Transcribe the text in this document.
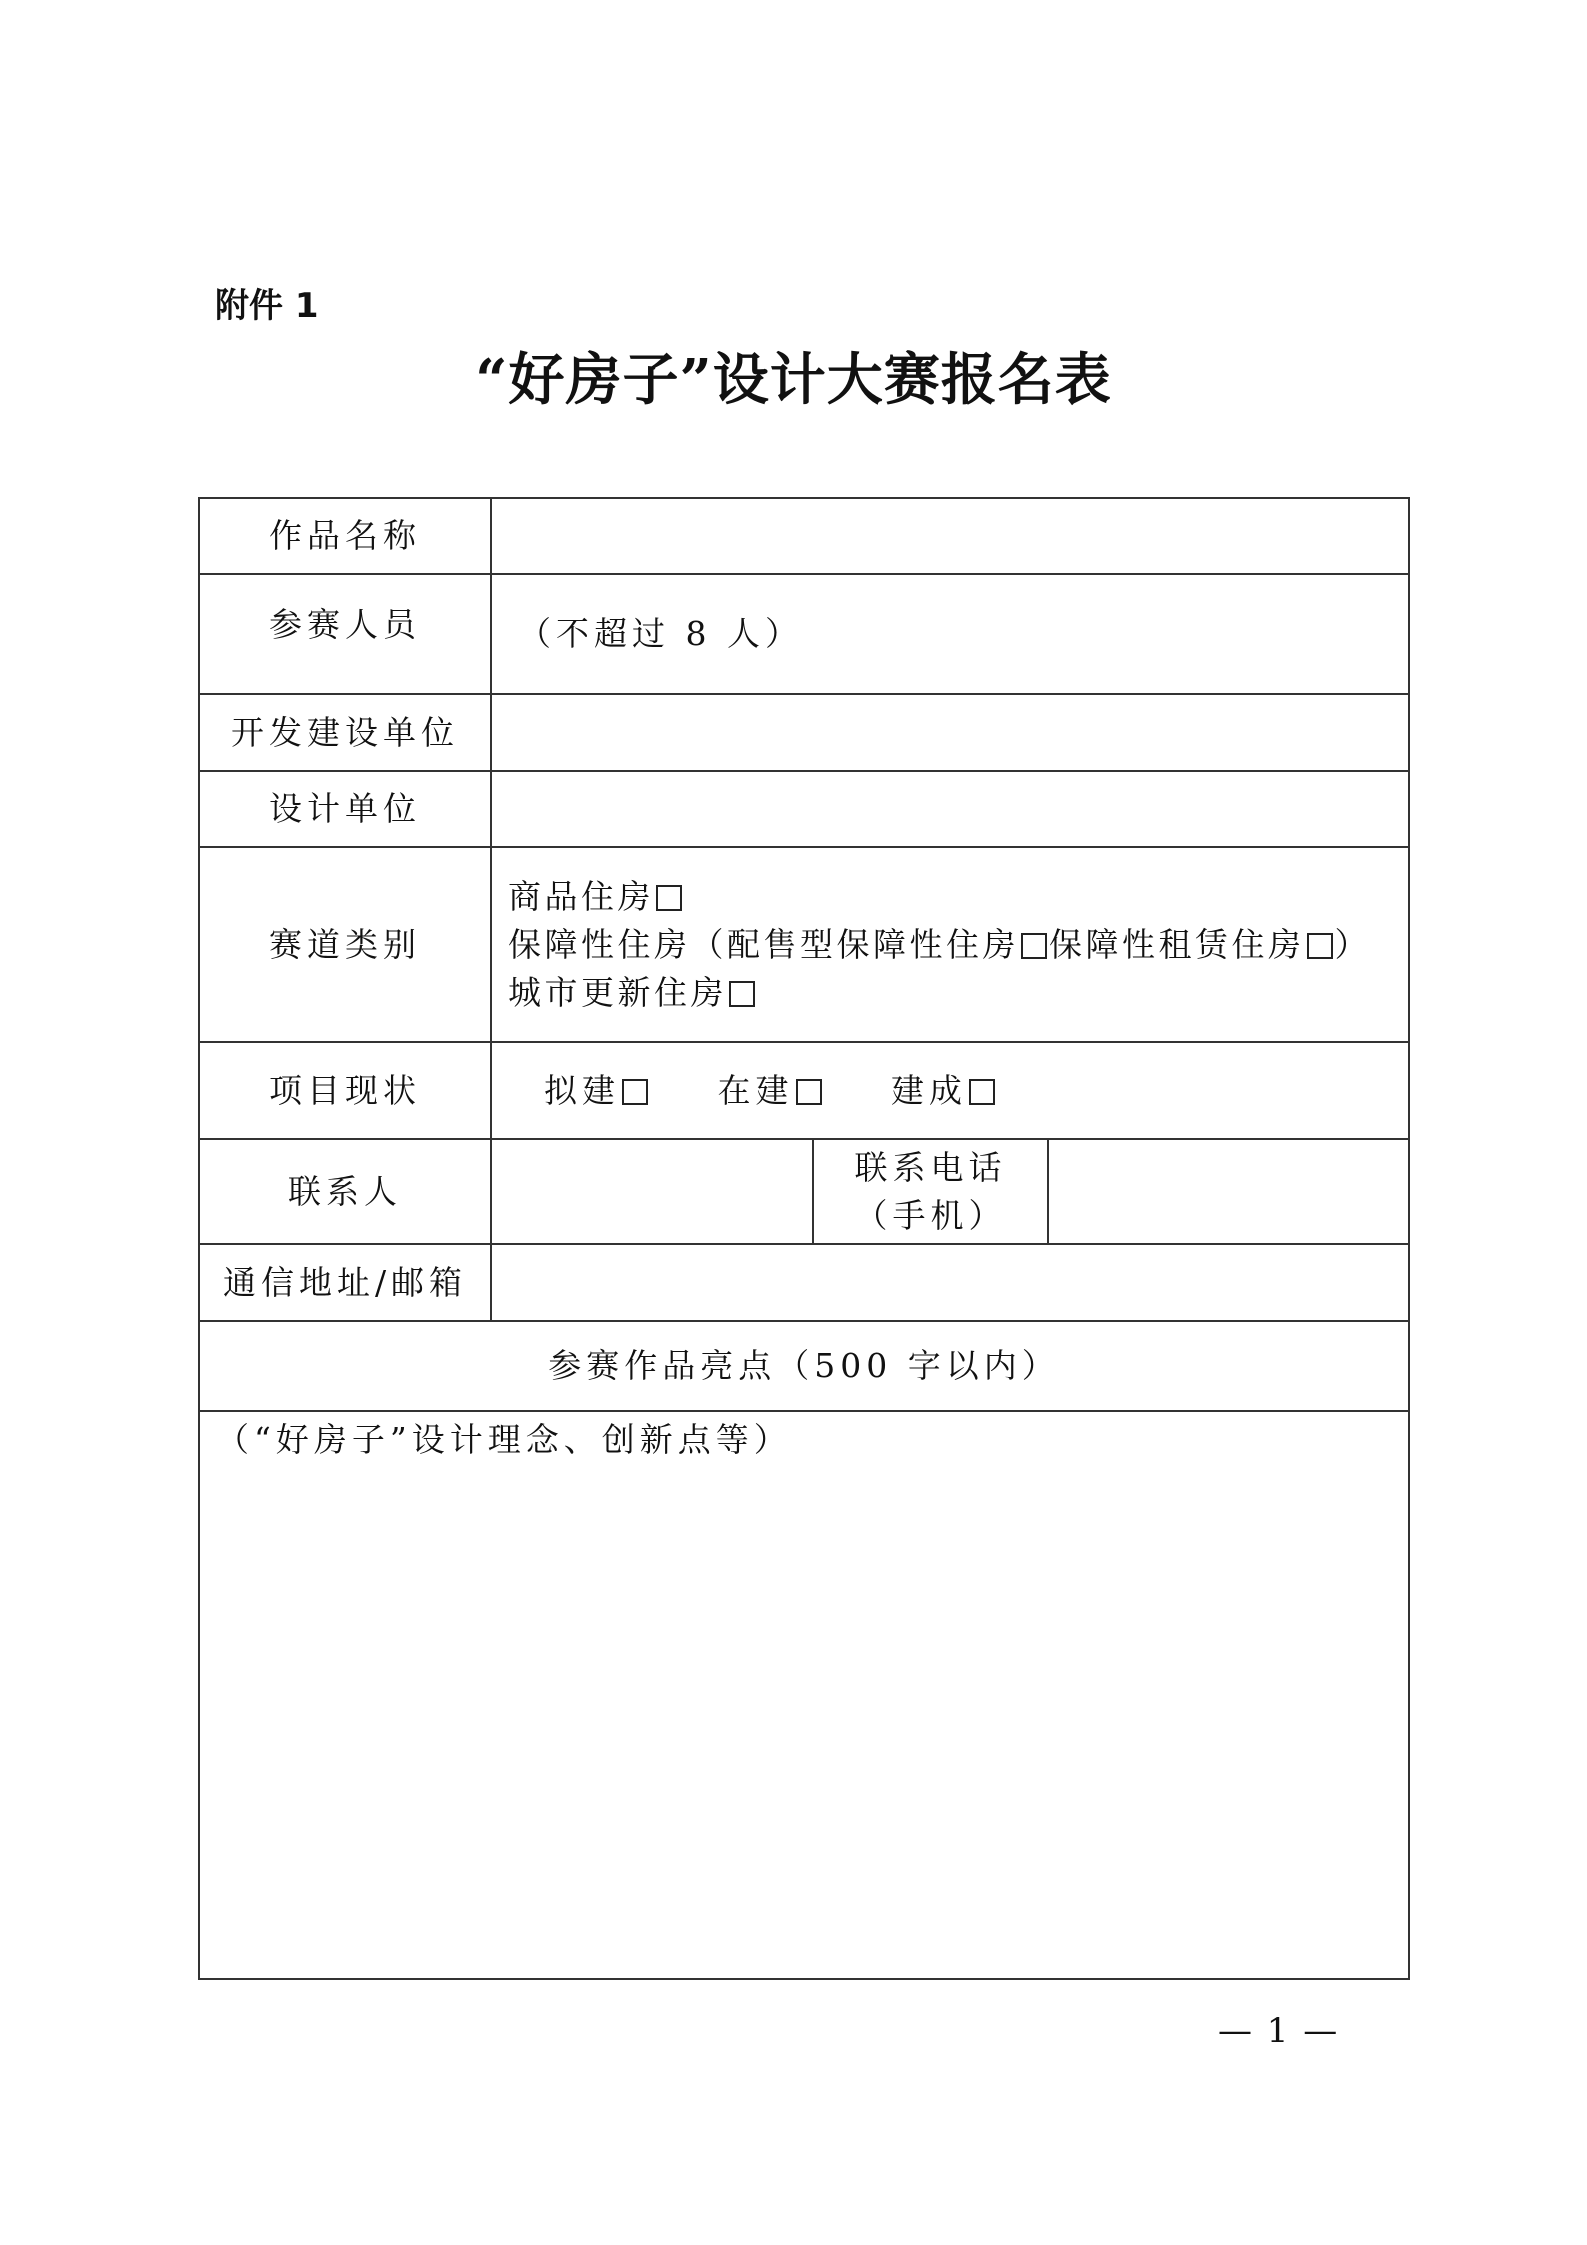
附件 1
“好房子”设计大赛报名表
作品名称			
参赛人员	（不超过 8 人）		
开发建设单位			
设计单位			
赛道类别	商品住房
保障性住房（配售型保障性住房 保障性租赁住房 ）
城市更新住房		

项目现状	拟建 在建 建成		
联系人		联系电话
（手机）	

通信地址/邮箱			
参赛作品亮点（500 字以内）			
（“好房子”设计理念、创新点等）			
— 1 —
